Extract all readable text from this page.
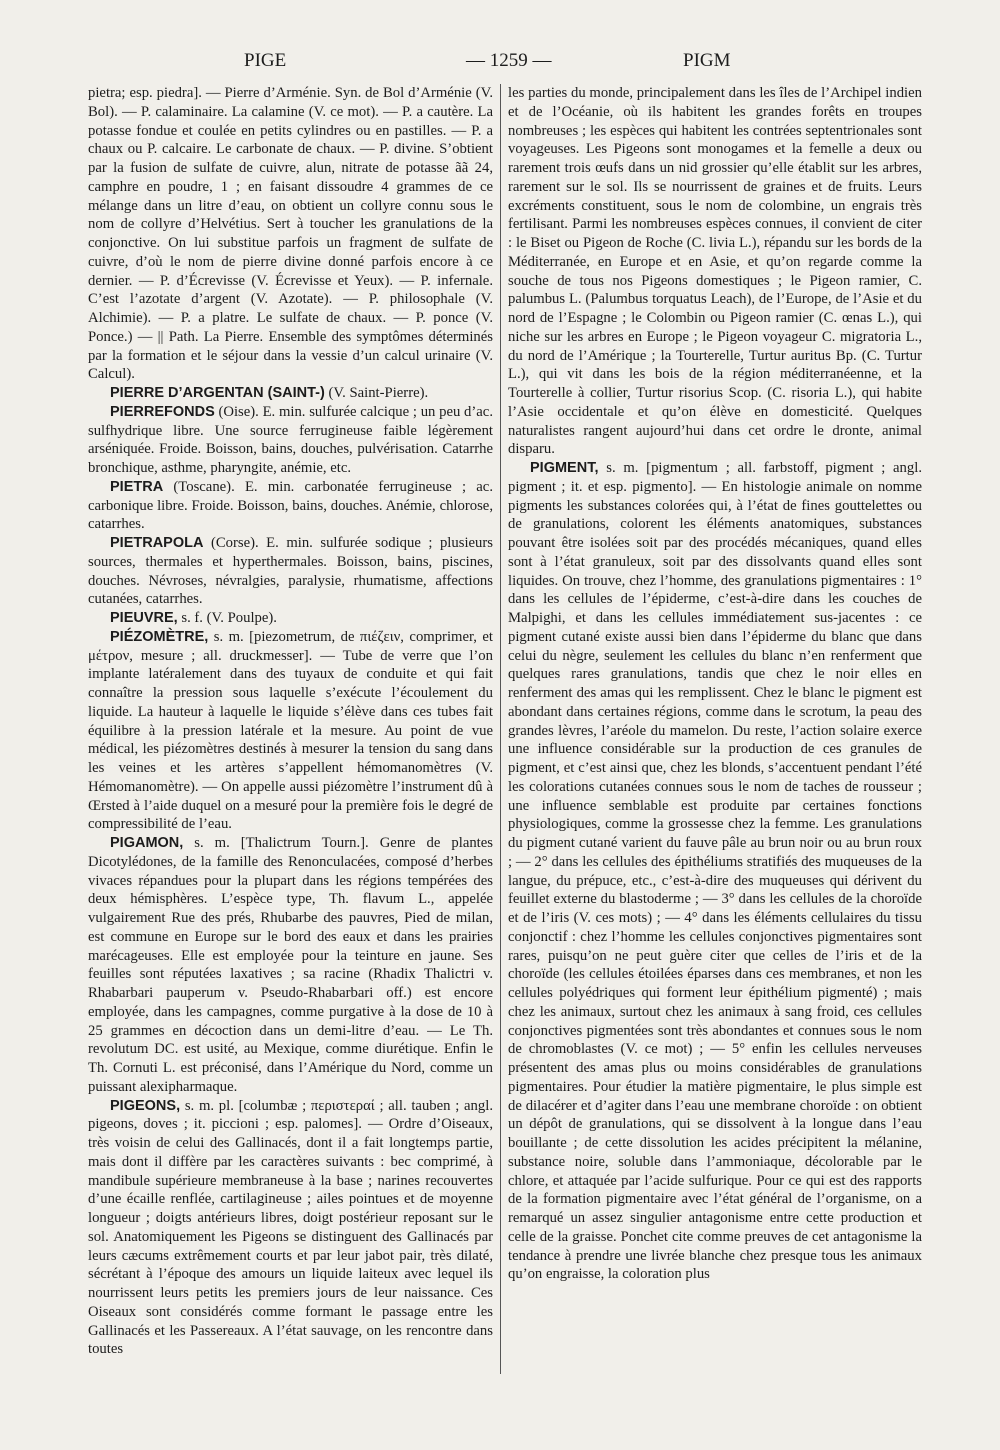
PIGE	— 1259 —	PIGM

pietra; esp. piedra]. — Pierre d’Arménie. Syn. de Bol d’Arménie (V. Bol). — P. calaminaire. La calamine (V. ce mot). — P. a cautère. La potasse fondue et coulée en petits cylindres ou en pastilles. — P. a chaux ou P. calcaire. Le carbonate de chaux. — P. divine. S’obtient par la fusion de sulfate de cuivre, alun, nitrate de potasse ãã 24, camphre en poudre, 1 ; en faisant dissoudre 4 grammes de ce mélange dans un litre d’eau, on obtient un collyre connu sous le nom de collyre d’Helvétius. Sert à toucher les granulations de la conjonctive. On lui substitue parfois un fragment de sulfate de cuivre, d’où le nom de pierre divine donné parfois encore à ce dernier. — P. d’Écrevisse (V. Écrevisse et Yeux). — P. infernale. C’est l’azotate d’argent (V. Azotate). — P. philosophale (V. Alchimie). — P. a platre. Le sulfate de chaux. — P. ponce (V. Ponce.) — || Path. La Pierre. Ensemble des symptômes déterminés par la formation et le séjour dans la vessie d’un calcul urinaire (V. Calcul).

PIERRE D’ARGENTAN (SAINT-) (V. Saint-Pierre).

PIERREFONDS (Oise). E. min. sulfurée calcique ; un peu d’ac. sulfhydrique libre. Une source ferrugineuse faible légèrement arséniquée. Froide. Boisson, bains, douches, pulvérisation. Catarrhe bronchique, asthme, pharyngite, anémie, etc.

PIETRA (Toscane). E. min. carbonatée ferrugineuse ; ac. carbonique libre. Froide. Boisson, bains, douches. Anémie, chlorose, catarrhes.

PIETRAPOLA (Corse). E. min. sulfurée sodique ; plusieurs sources, thermales et hyperthermales. Boisson, bains, piscines, douches. Névroses, névralgies, paralysie, rhumatisme, affections cutanées, catarrhes.

PIEUVRE, s. f. (V. Poulpe).

PIÉZOMÈTRE, s. m. [piezometrum, de πιέζειν, comprimer, et μέτρον, mesure ; all. druckmesser]. — Tube de verre que l’on implante latéralement dans des tuyaux de conduite et qui fait connaître la pression sous laquelle s’exécute l’écoulement du liquide. La hauteur à laquelle le liquide s’élève dans ces tubes fait équilibre à la pression latérale et la mesure. Au point de vue médical, les piézomètres destinés à mesurer la tension du sang dans les veines et les artères s’appellent hémomanomètres (V. Hémomanomètre). — On appelle aussi piézomètre l’instrument dû à Œrsted à l’aide duquel on a mesuré pour la première fois le degré de compressibilité de l’eau.

PIGAMON, s. m. [Thalictrum Tourn.]. Genre de plantes Dicotylédones, de la famille des Renonculacées, composé d’herbes vivaces répandues pour la plupart dans les régions tempérées des deux hémisphères. L’espèce type, Th. flavum L., appelée vulgairement Rue des prés, Rhubarbe des pauvres, Pied de milan, est commune en Europe sur le bord des eaux et dans les prairies marécageuses. Elle est employée pour la teinture en jaune. Ses feuilles sont réputées laxatives ; sa racine (Rhadix Thalictri v. Rhabarbari pauperum v. Pseudo-Rhabarbari off.) est encore employée, dans les campagnes, comme purgative à la dose de 10 à 25 grammes en décoction dans un demi-litre d’eau. — Le Th. revolutum DC. est usité, au Mexique, comme diurétique. Enfin le Th. Cornuti L. est préconisé, dans l’Amérique du Nord, comme un puissant alexipharmaque.

PIGEONS, s. m. pl. [columbæ ; περιστεραί ; all. tauben ; angl. pigeons, doves ; it. piccioni ; esp. palomes]. — Ordre d’Oiseaux, très voisin de celui des Gallinacés, dont il a fait longtemps partie, mais dont il diffère par les caractères suivants : bec comprimé, à mandibule supérieure membraneuse à la base ; narines recouvertes d’une écaille renflée, cartilagineuse ; ailes pointues et de moyenne longueur ; doigts antérieurs libres, doigt postérieur reposant sur le sol. Anatomiquement les Pigeons se distinguent des Gallinacés par leurs cæcums extrêmement courts et par leur jabot pair, très dilaté, sécrétant à l’époque des amours un liquide laiteux avec lequel ils nourrissent leurs petits les premiers jours de leur naissance. Ces Oiseaux sont considérés comme formant le passage entre les Gallinacés et les Passereaux. A l’état sauvage, on les rencontre dans toutes

les parties du monde, principalement dans les îles de l’Archipel indien et de l’Océanie, où ils habitent les grandes forêts en troupes nombreuses ; les espèces qui habitent les contrées septentrionales sont voyageuses. Les Pigeons sont monogames et la femelle a deux ou rarement trois œufs dans un nid grossier qu’elle établit sur les arbres, rarement sur le sol. Ils se nourrissent de graines et de fruits. Leurs excréments constituent, sous le nom de colombine, un engrais très fertilisant. Parmi les nombreuses espèces connues, il convient de citer : le Biset ou Pigeon de Roche (C. livia L.), répandu sur les bords de la Méditerranée, en Europe et en Asie, et qu’on regarde comme la souche de tous nos Pigeons domestiques ; le Pigeon ramier, C. palumbus L. (Palumbus torquatus Leach), de l’Europe, de l’Asie et du nord de l’Espagne ; le Colombin ou Pigeon ramier (C. œnas L.), qui niche sur les arbres en Europe ; le Pigeon voyageur C. migratoria L., du nord de l’Amérique ; la Tourterelle, Turtur auritus Bp. (C. Turtur L.), qui vit dans les bois de la région méditerranéenne, et la Tourterelle à collier, Turtur risorius Scop. (C. risoria L.), qui habite l’Asie occidentale et qu’on élève en domesticité. Quelques naturalistes rangent aujourd’hui dans cet ordre le dronte, animal disparu.

PIGMENT, s. m. [pigmentum ; all. farbstoff, pigment ; angl. pigment ; it. et esp. pigmento]. — En histologie animale on nomme pigments les substances colorées qui, à l’état de fines gouttelettes ou de granulations, colorent les éléments anatomiques, substances pouvant être isolées soit par des procédés mécaniques, quand elles sont à l’état granuleux, soit par des dissolvants quand elles sont liquides. On trouve, chez l’homme, des granulations pigmentaires : 1° dans les cellules de l’épiderme, c’est-à-dire dans les couches de Malpighi, et dans les cellules immédiatement sus-jacentes : ce pigment cutané existe aussi bien dans l’épiderme du blanc que dans celui du nègre, seulement les cellules du blanc n’en renferment que quelques rares granulations, tandis que chez le noir elles en renferment des amas qui les remplissent. Chez le blanc le pigment est abondant dans certaines régions, comme dans le scrotum, la peau des grandes lèvres, l’aréole du mamelon. Du reste, l’action solaire exerce une influence considérable sur la production de ces granules de pigment, et c’est ainsi que, chez les blonds, s’accentuent pendant l’été les colorations cutanées connues sous le nom de taches de rousseur ; une influence semblable est produite par certaines fonctions physiologiques, comme la grossesse chez la femme. Les granulations du pigment cutané varient du fauve pâle au brun noir ou au brun roux ; — 2° dans les cellules des épithéliums stratifiés des muqueuses de la langue, du prépuce, etc., c’est-à-dire des muqueuses qui dérivent du feuillet externe du blastoderme ; — 3° dans les cellules de la choroïde et de l’iris (V. ces mots) ; — 4° dans les éléments cellulaires du tissu conjonctif : chez l’homme les cellules conjonctives pigmentaires sont rares, puisqu’on ne peut guère citer que celles de l’iris et de la choroïde (les cellules étoilées éparses dans ces membranes, et non les cellules polyédriques qui forment leur épithélium pigmenté) ; mais chez les animaux, surtout chez les animaux à sang froid, ces cellules conjonctives pigmentées sont très abondantes et connues sous le nom de chromoblastes (V. ce mot) ; — 5° enfin les cellules nerveuses présentent des amas plus ou moins considérables de granulations pigmentaires. Pour étudier la matière pigmentaire, le plus simple est de dilacérer et d’agiter dans l’eau une membrane choroïde : on obtient un dépôt de granulations, qui se dissolvent à la longue dans l’eau bouillante ; de cette dissolution les acides précipitent la mélanine, substance noire, soluble dans l’ammoniaque, décolorable par le chlore, et attaquée par l’acide sulfurique. Pour ce qui est des rapports de la formation pigmentaire avec l’état général de l’organisme, on a remarqué un assez singulier antagonisme entre cette production et celle de la graisse. Ponchet cite comme preuves de cet antagonisme la tendance à prendre une livrée blanche chez presque tous les animaux qu’on engraisse, la coloration plus
